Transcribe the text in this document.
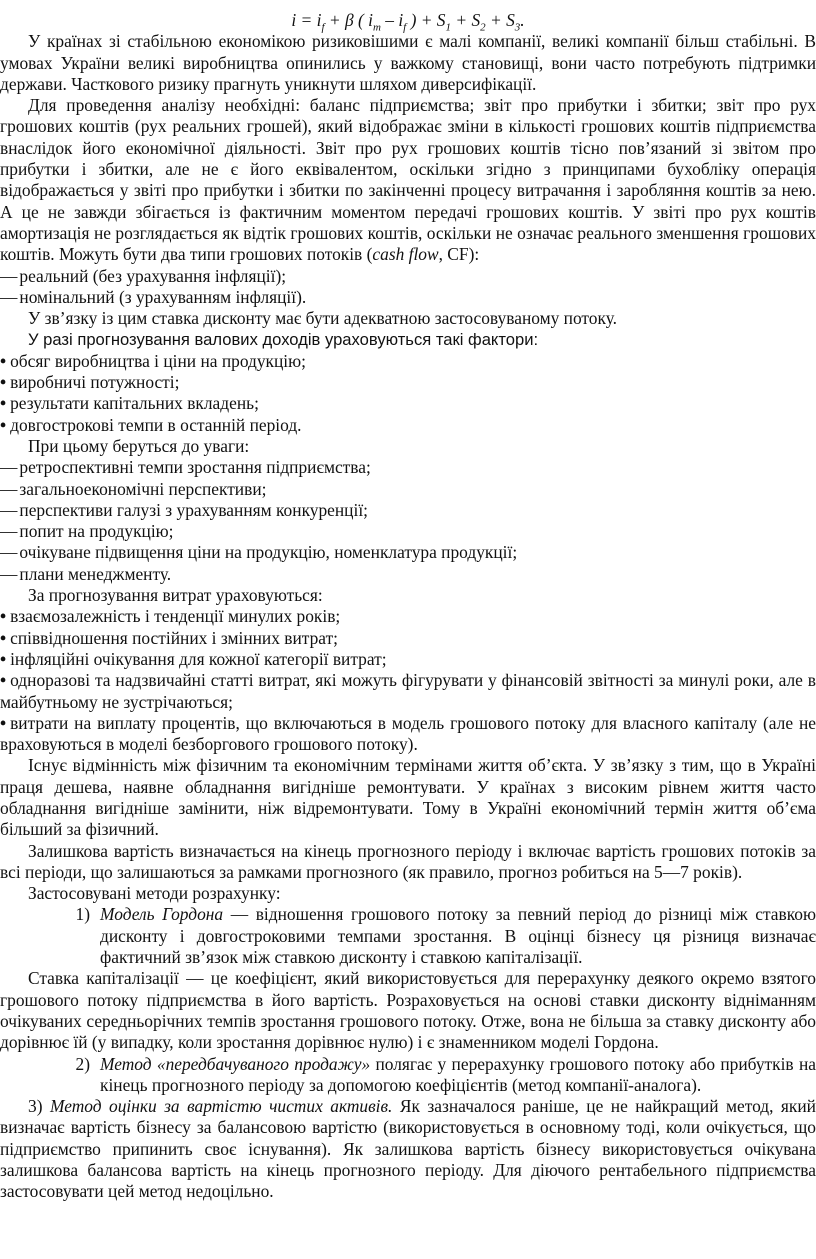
$i = i_f + \beta$ ( $i_m - i_f$ ) + $S_1 + S_2 + S_3$.

У країнах зі стабільною економікою ризиковішими є малі компанії, великі компанії більш стабільні. В умовах України великі виробництва опинились у важкому становищі, вони часто потребують підтримки держави. Часткового ризику прагнуть уникнути шляхом диверсифікації.

Для проведення аналізу необхідні: баланс підприємства; звіт про прибутки і збитки; звіт про рух грошових коштів (рух реальних грошей), який відображає зміни в кількості грошових коштів підприємства внаслідок його економічної діяльності. Звіт про рух грошових коштів тісно пов’язаний зі звітом про прибутки і збитки, але не є його еквівалентом, оскільки згідно з принципами бухобліку операція відображається у звіті про прибутки і збитки по закінченні процесу витрачання і заробляння коштів за нею. А це не завжди збігається із фактичним моментом передачі грошових коштів. У звіті про рух коштів амортизація не розглядається як відтік грошових коштів, оскільки не означає реального зменшення грошових коштів. Можуть бути два типи грошових потоків (cash flow, CF):

— реальний (без урахування інфляції);

— номінальний (з урахуванням інфляції).

У зв’язку із цим ставка дисконту має бути адекватною застосовуваному потоку.

У разі прогнозування валових доходів ураховуються такі фактори:

• обсяг виробництва і ціни на продукцію;

• виробничі потужності;

• результати капітальних вкладень;

• довгострокові темпи в останній період.

При цьому беруться до уваги:

— ретроспективні темпи зростання підприємства;

— загальноекономічні перспективи;

— перспективи галузі з урахуванням конкуренції;

— попит на продукцію;

— очікуване підвищення ціни на продукцію, номенклатура продукції;

— плани менеджменту.

За прогнозування витрат ураховуються:

• взаємозалежність і тенденції минулих років;

• співвідношення постійних і змінних витрат;

• інфляційні очікування для кожної категорії витрат;

• одноразові та надзвичайні статті витрат, які можуть фігурувати у фінансовій звітності за минулі роки, але в майбутньому не зустрічаються;

• витрати на виплату процентів, що включаються в модель грошового потоку для власного капіталу (але не враховуються в моделі безборгового грошового потоку).

Існує відмінність між фізичним та економічним термінами життя об’єкта. У зв’язку з тим, що в Україні праця дешева, наявне обладнання вигідніше ремонтувати. У країнах з високим рівнем життя часто обладнання вигідніше замінити, ніж відремонтувати. Тому в Україні економічний термін життя об’єма більший за фізичний.

Залишкова вартість визначається на кінець прогнозного періоду і включає вартість грошових потоків за всі періоди, що залишаються за рамками прогнозного (як правило, прогноз робиться на 5—7 років).

Застосовувані методи розрахунку:

1) Модель Гордона — відношення грошового потоку за певний період до різниці між ставкою дисконту і довгостроковими темпами зростання. В оцінці бізнесу ця різниця визначає фактичний зв’язок між ставкою дисконту і ставкою капіталізації.

Ставка капіталізації — це коефіцієнт, який використовується для перерахунку деякого окремо взятого грошового потоку підприємства в його вартість. Розраховується на основі ставки дисконту відніманням очікуваних середньорічних темпів зростання грошового потоку. Отже, вона не більша за ставку дисконту або дорівнює їй (у випадку, коли зростання дорівнює нулю) і є знаменником моделі Гордона.

2) Метод «передбачуваного продажу» полягає у перерахунку грошового потоку або прибутків на кінець прогнозного періоду за допомогою коефіцієнтів (метод компанії-аналога).

3) Метод оцінки за вартістю чистих активів. Як зазначалося раніше, це не найкращий метод, який визначає вартість бізнесу за балансовою вартістю (використовується в основному тоді, коли очікується, що підприємство припинить своє існування). Як залишкова вартість бізнесу використовується очікувана залишкова балансова вартість на кінець прогнозного періоду. Для діючого рентабельного підприємства застосовувати цей метод недоцільно.
